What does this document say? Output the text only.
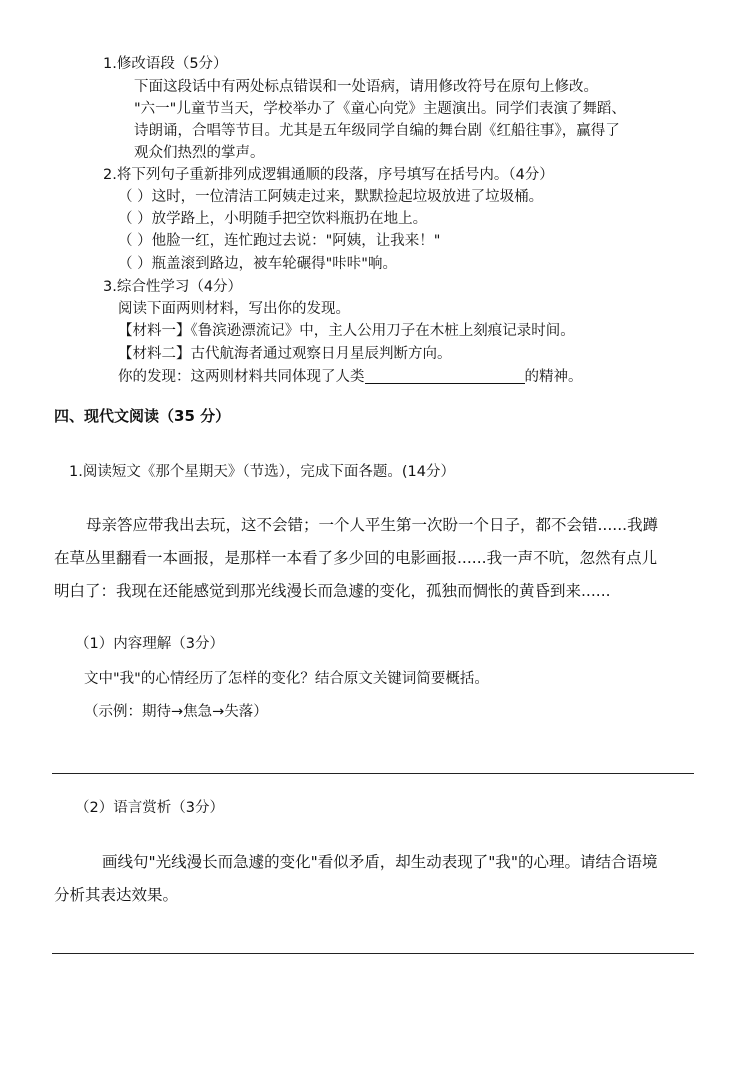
1.修改语段（5分）
下面这段话中有两处标点错误和一处语病，请用修改符号在原句上修改。
"六一"儿童节当天，学校举办了《童心向党》主题演出。同学们表演了舞蹈、
诗朗诵，合唱等节目。尤其是五年级同学自编的舞台剧《红船往事》，赢得了
观众们热烈的掌声。
2.将下列句子重新排列成逻辑通顺的段落，序号填写在括号内。（4分）
（ ）这时，一位清洁工阿姨走过来，默默捡起垃圾放进了垃圾桶。
（ ）放学路上，小明随手把空饮料瓶扔在地上。
（ ）他脸一红，连忙跑过去说："阿姨，让我来！"
（ ）瓶盖滚到路边，被车轮碾得"咔咔"响。
3.综合性学习（4分）
阅读下面两则材料，写出你的发现。
【材料一】《鲁滨逊漂流记》中，主人公用刀子在木桩上刻痕记录时间。
【材料二】古代航海者通过观察日月星辰判断方向。
你的发现：这两则材料共同体现了人类	的精神。
四、现代文阅读（35 分）
1.阅读短文《那个星期天》（节选），完成下面各题。(14分）
母亲答应带我出去玩，这不会错；一个人平生第一次盼一个日子，都不会错......我蹲
在草丛里翻看一本画报，是那样一本看了多少回的电影画报......我一声不吭，忽然有点儿
明白了：我现在还能感觉到那光线漫长而急遽的变化，孤独而惆怅的黄昏到来......
（1）内容理解（3分）
文中"我"的心情经历了怎样的变化？结合原文关键词简要概括。
（示例：期待→焦急→失落）
（2）语言赏析（3分）
画线句"光线漫长而急遽的变化"看似矛盾，却生动表现了"我"的心理。请结合语境
分析其表达效果。
